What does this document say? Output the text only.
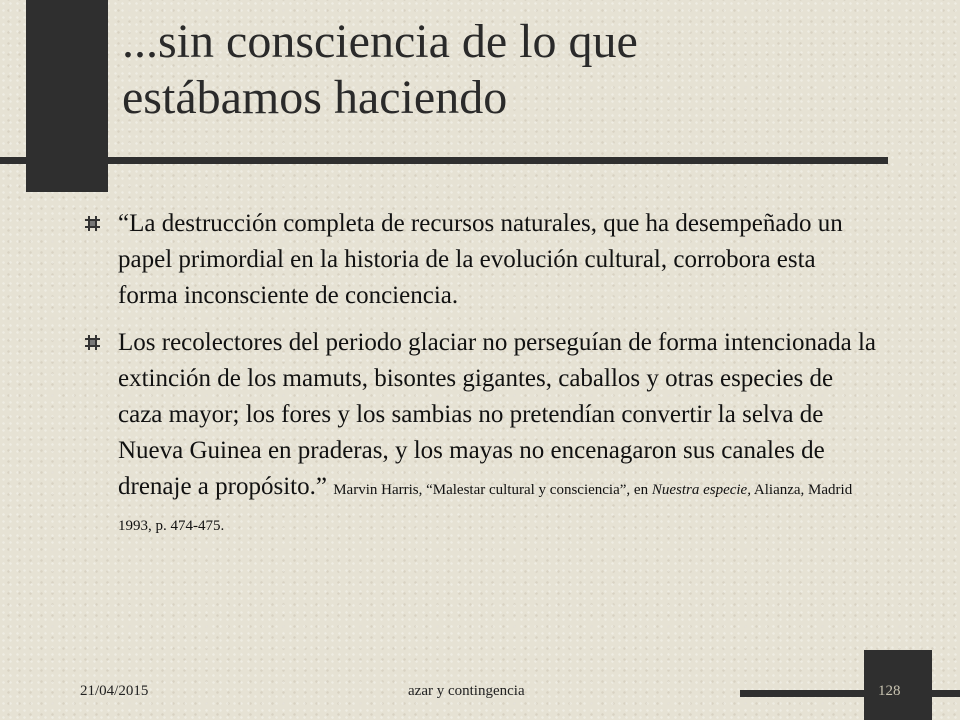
...sin consciencia de lo que
estábamos haciendo
“La destrucción completa de recursos naturales, que ha desempeñado un papel primordial en la historia de la evolución cultural, corrobora esta forma inconsciente de conciencia.
Los recolectores del periodo glaciar no perseguían de forma intencionada la extinción de los mamuts, bisontes gigantes, caballos y otras especies de caza mayor; los fores y los sambias no pretendían convertir la selva de Nueva Guinea en praderas, y los mayas no encenagaron sus canales de drenaje a propósito.” Marvin Harris, “Malestar cultural y consciencia”, en Nuestra especie, Alianza, Madrid 1993, p. 474-475.
21/04/2015	azar y contingencia	128
